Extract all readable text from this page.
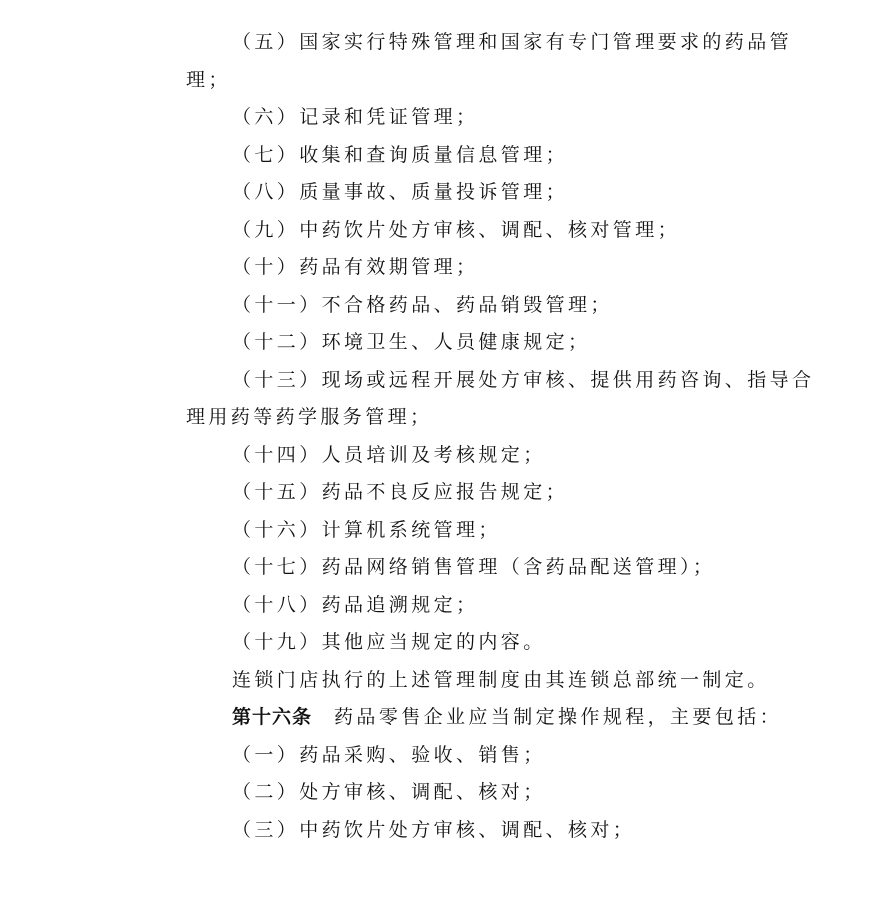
（五）国家实行特殊管理和国家有专门管理要求的药品管
理；
（六）记录和凭证管理；
（七）收集和查询质量信息管理；
（八）质量事故、质量投诉管理；
（九）中药饮片处方审核、调配、核对管理；
（十）药品有效期管理；
（十一）不合格药品、药品销毁管理；
（十二）环境卫生、人员健康规定；
（十三）现场或远程开展处方审核、提供用药咨询、指导合
理用药等药学服务管理；
（十四）人员培训及考核规定；
（十五）药品不良反应报告规定；
（十六）计算机系统管理；
（十七）药品网络销售管理（含药品配送管理）；
（十八）药品追溯规定；
（十九）其他应当规定的内容。
连锁门店执行的上述管理制度由其连锁总部统一制定。
第十六条 药品零售企业应当制定操作规程，主要包括：
（一）药品采购、验收、销售；
（二）处方审核、调配、核对；
（三）中药饮片处方审核、调配、核对；
